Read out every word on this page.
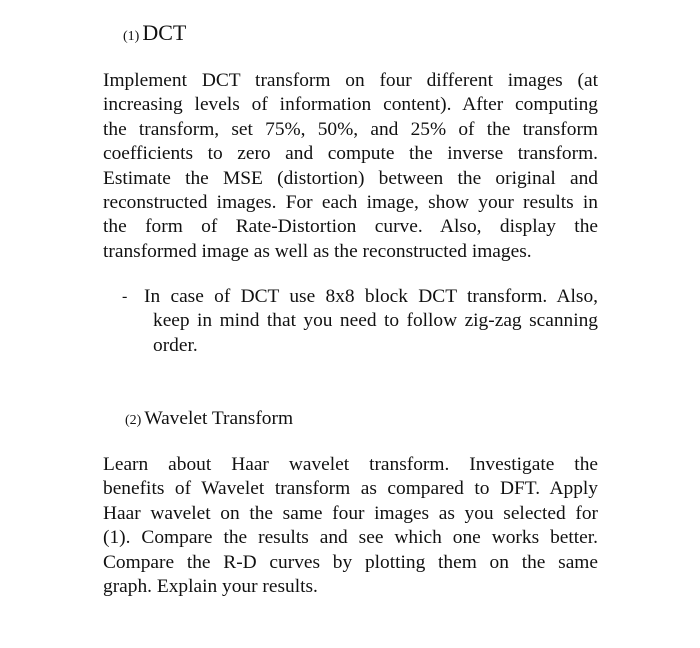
(1) DCT
Implement DCT transform on four different images (at
increasing levels of information content). After computing
the transform, set 75%, 50%, and 25% of the transform
coefficients to zero and compute the inverse transform.
Estimate the MSE (distortion) between the original and
reconstructed images. For each image, show your results in
the form of Rate-Distortion curve. Also, display the
transformed image as well as the reconstructed images.
- In case of DCT use 8x8 block DCT transform. Also,
keep in mind that you need to follow zig-zag scanning
order.
(2) Wavelet Transform
Learn about Haar wavelet transform. Investigate the
benefits of Wavelet transform as compared to DFT. Apply
Haar wavelet on the same four images as you selected for
(1). Compare the results and see which one works better.
Compare the R-D curves by plotting them on the same
graph. Explain your results.
